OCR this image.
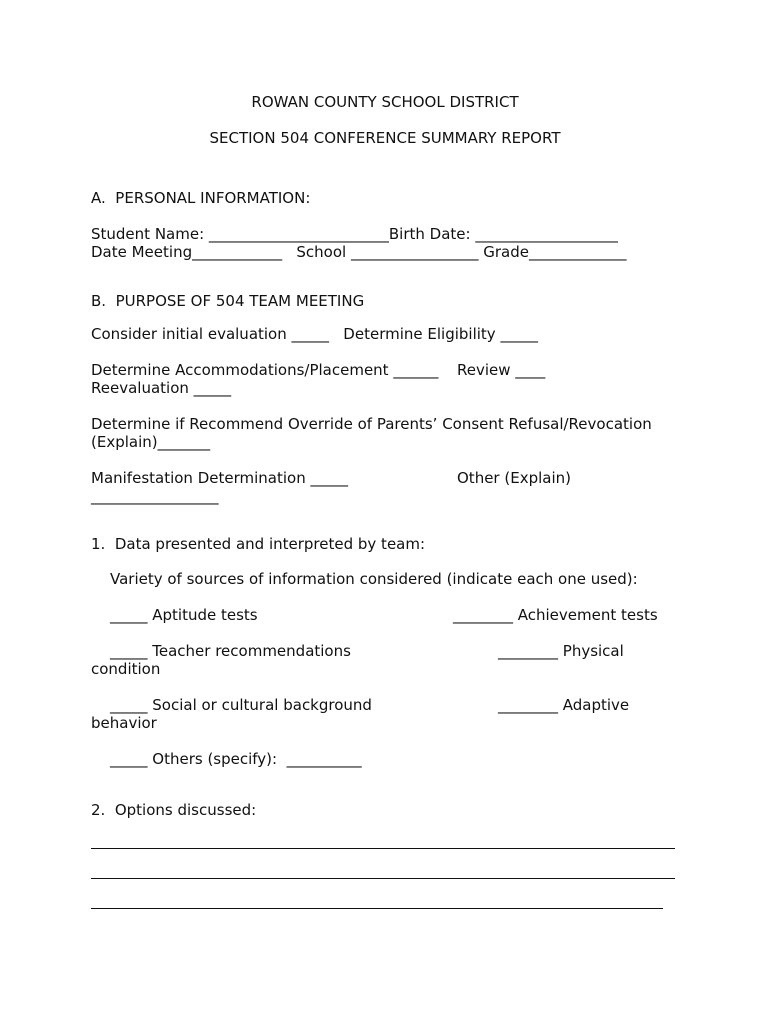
ROWAN COUNTY SCHOOL DISTRICT
SECTION 504 CONFERENCE SUMMARY REPORT
A.  PERSONAL INFORMATION:
Student Name: ________________________Birth Date: ___________________
Date Meeting____________   School _________________ Grade_____________
B.  PURPOSE OF 504 TEAM MEETING
Consider initial evaluation _____   Determine Eligibility _____
Determine Accommodations/Placement ______ Review ____
Reevaluation _____
Determine if Recommend Override of Parents’ Consent Refusal/Revocation
(Explain)_______
Manifestation Determination _____	Other (Explain)
_________________
1.  Data presented and interpreted by team:
Variety of sources of information considered (indicate each one used):
_____ Aptitude tests	________ Achievement tests
_____ Teacher recommendations	________ Physical
condition
_____ Social or cultural background	________ Adaptive
behavior
_____ Others (specify):  __________
2.  Options discussed:
